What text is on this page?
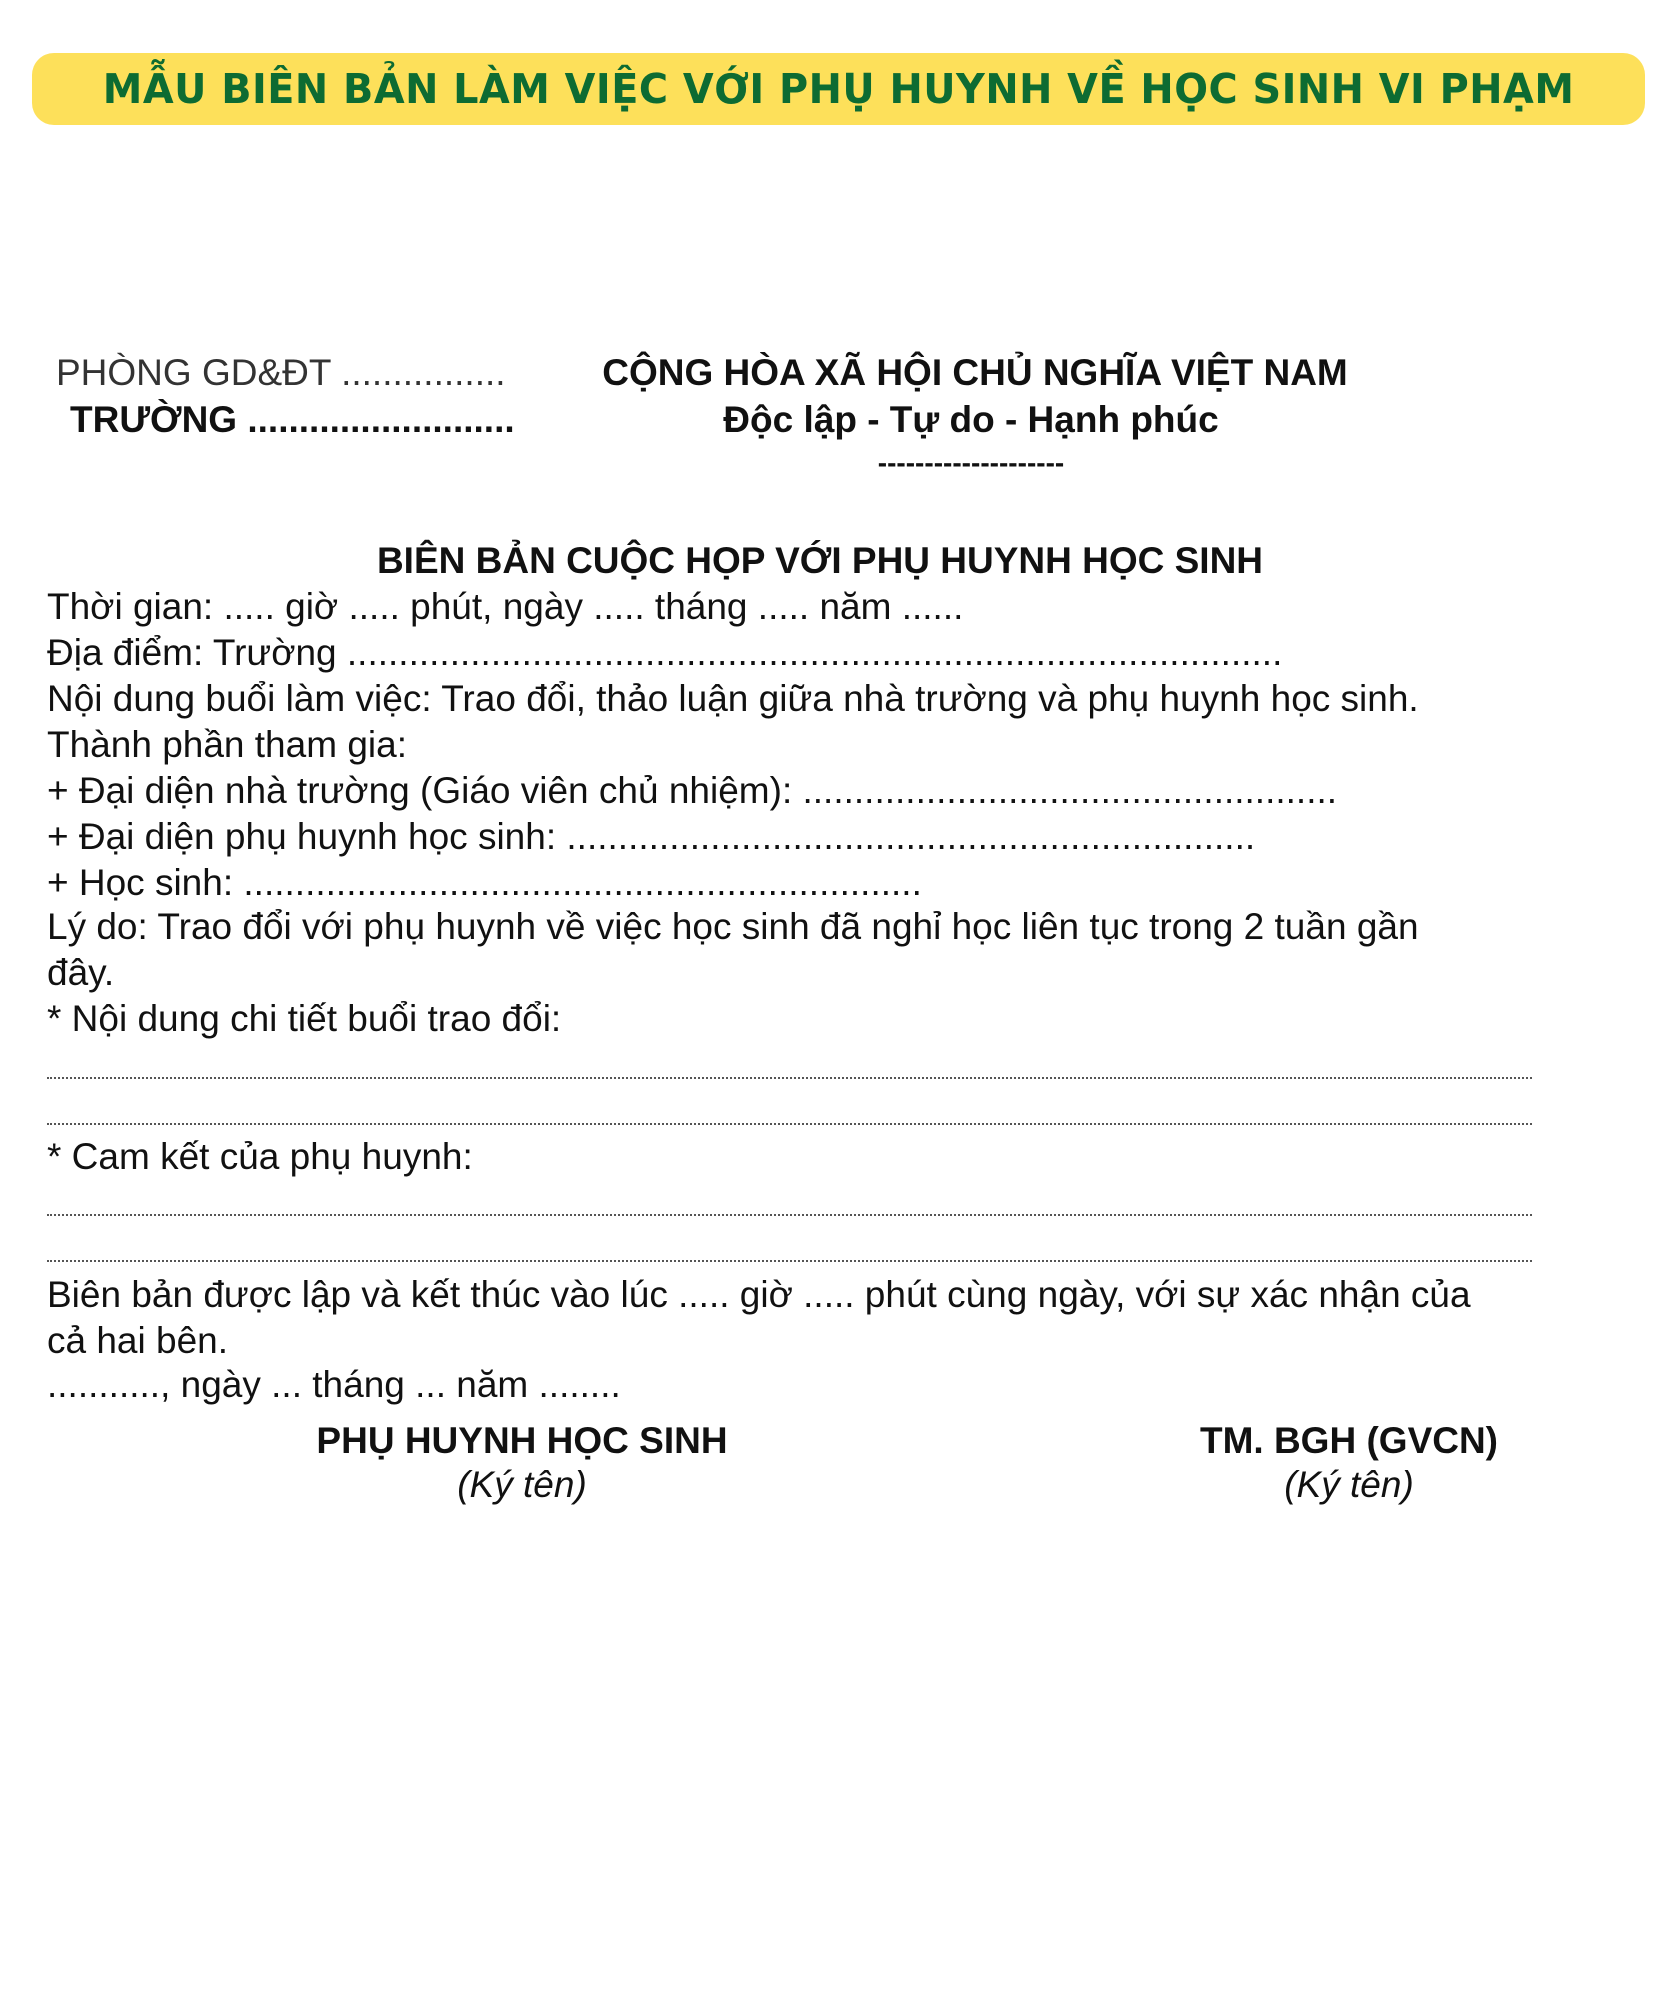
MẪU BIÊN BẢN LÀM VIỆC VỚI PHỤ HUYNH VỀ HỌC SINH VI PHẠM
PHÒNG GD&ĐT ................
TRƯỜNG ..........................
CỘNG HÒA XÃ HỘI CHỦ NGHĨA VIỆT NAM
Độc lập - Tự do - Hạnh phúc
--------------------
BIÊN BẢN CUỘC HỌP VỚI PHỤ HUYNH HỌC SINH
Thời gian: ..... giờ ..... phút, ngày ..... tháng ..... năm ......
Địa điểm: Trường ...........................................................................................
Nội dung buổi làm việc: Trao đổi, thảo luận giữa nhà trường và phụ huynh học sinh.
Thành phần tham gia:
+ Đại diện nhà trường (Giáo viên chủ nhiệm): ....................................................
+ Đại diện phụ huynh học sinh: ...................................................................
+ Học sinh: ..................................................................
Lý do: Trao đổi với phụ huynh về việc học sinh đã nghỉ học liên tục trong 2 tuần gần
đây.
* Nội dung chi tiết buổi trao đổi:
* Cam kết của phụ huynh:
Biên bản được lập và kết thúc vào lúc ..... giờ ..... phút cùng ngày, với sự xác nhận của
cả hai bên.
..........., ngày ... tháng ... năm ........
PHỤ HUYNH HỌC SINH
(Ký tên)
TM. BGH (GVCN)
(Ký tên)
